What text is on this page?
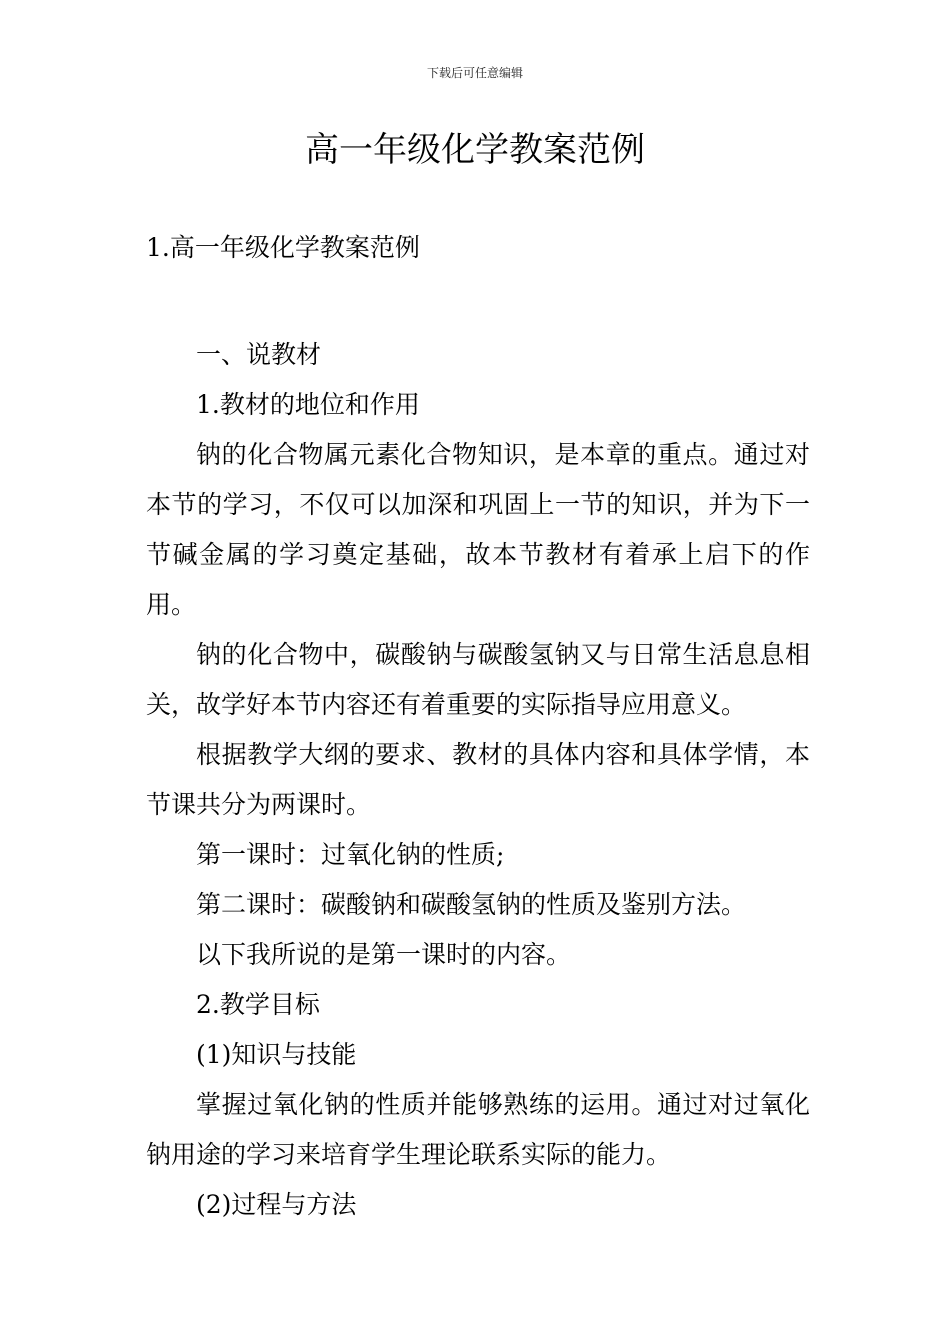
下载后可任意编辑
高一年级化学教案范例
1.高一年级化学教案范例

一、说教材

1.教材的地位和作用

钠的化合物属元素化合物知识，是本章的重点。通过对本节的学习，不仅可以加深和巩固上一节的知识，并为下一节碱金属的学习奠定基础，故本节教材有着承上启下的作用。

钠的化合物中，碳酸钠与碳酸氢钠又与日常生活息息相关，故学好本节内容还有着重要的实际指导应用意义。

根据教学大纲的要求、教材的具体内容和具体学情，本节课共分为两课时。

第一课时：过氧化钠的性质;

第二课时：碳酸钠和碳酸氢钠的性质及鉴别方法。

以下我所说的是第一课时的内容。

2.教学目标

(1)知识与技能

掌握过氧化钠的性质并能够熟练的运用。通过对过氧化钠用途的学习来培育学生理论联系实际的能力。

(2)过程与方法
